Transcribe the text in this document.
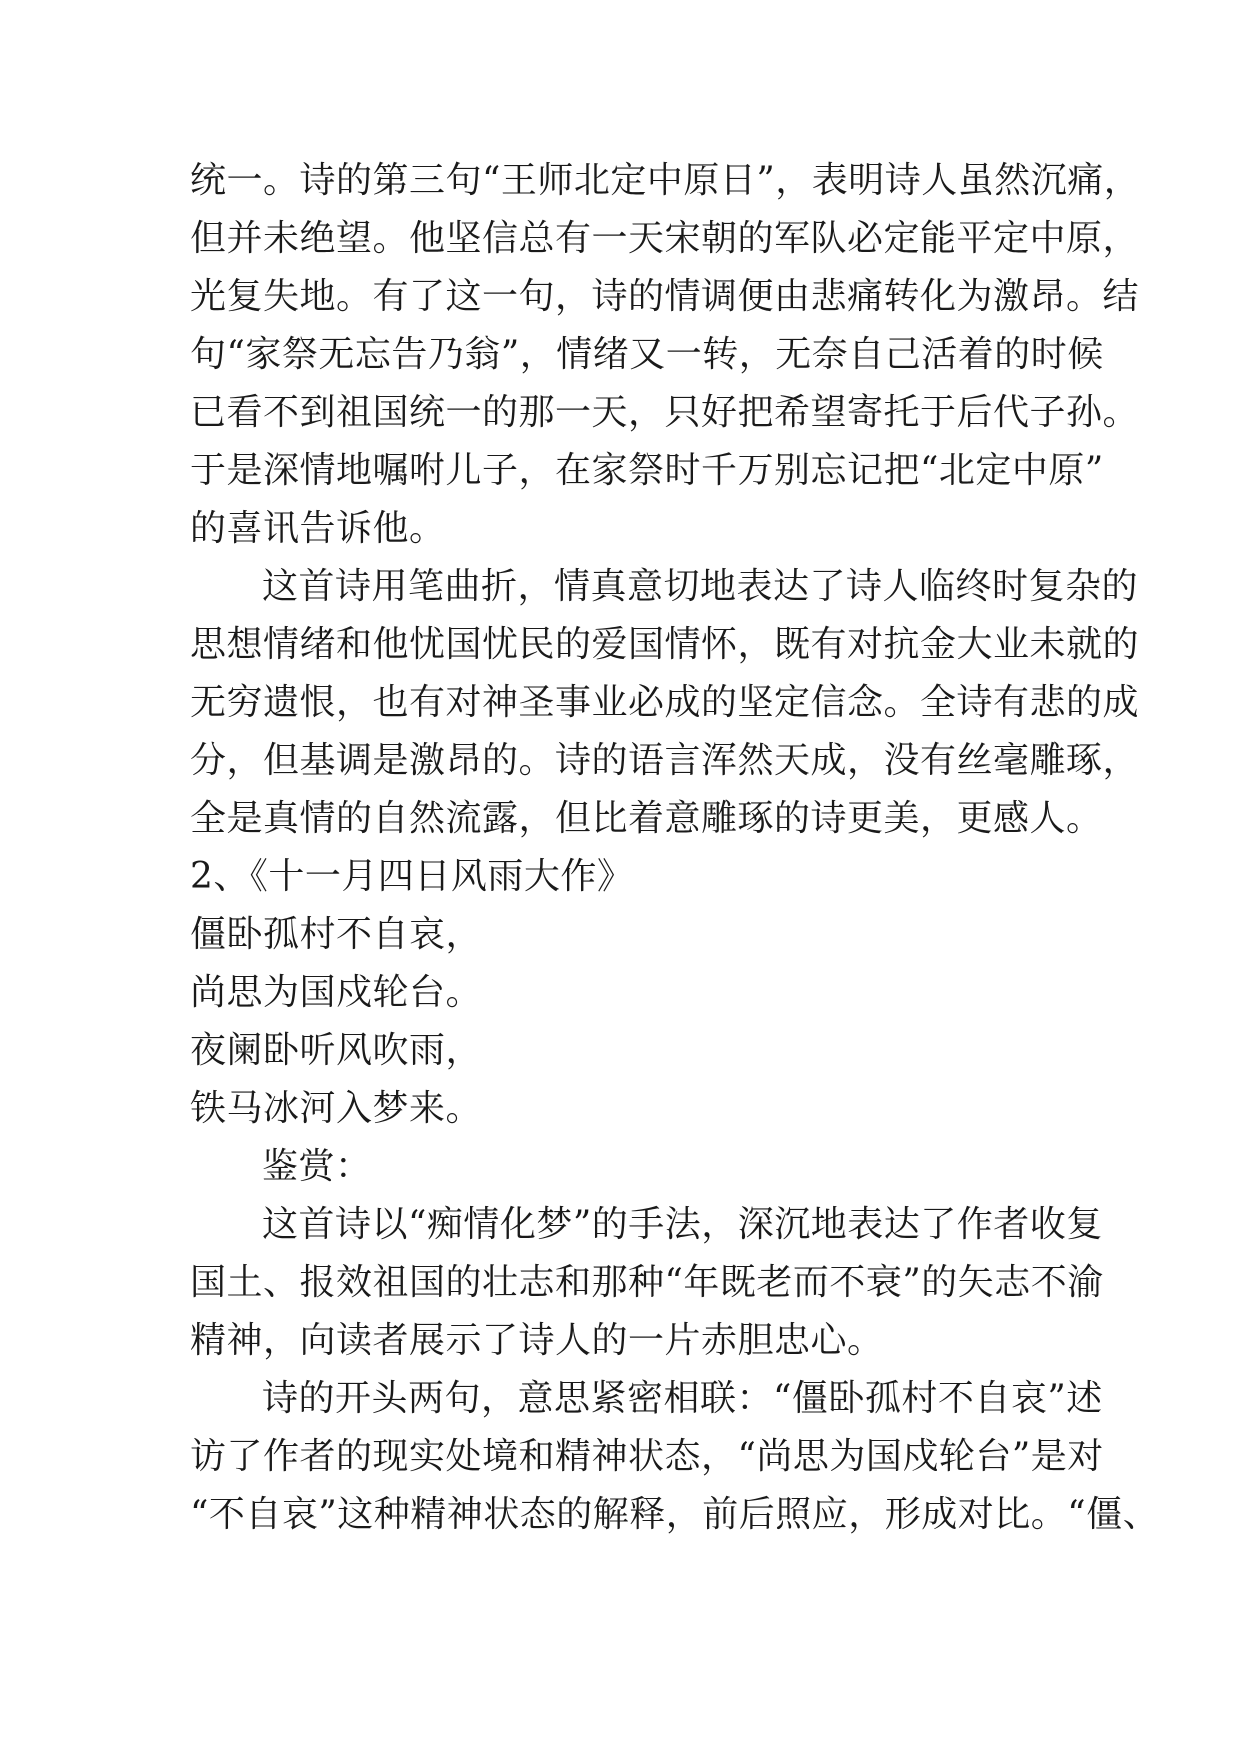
统一。诗的第三句“王师北定中原日”，表明诗人虽然沉痛，
但并未绝望。他坚信总有一天宋朝的军队必定能平定中原，
光复失地。有了这一句，诗的情调便由悲痛转化为激昂。结
句“家祭无忘告乃翁”，情绪又一转，无奈自己活着的时候
已看不到祖国统一的那一天，只好把希望寄托于后代子孙。
于是深情地嘱咐儿子，在家祭时千万别忘记把“北定中原”
的喜讯告诉他。
这首诗用笔曲折，情真意切地表达了诗人临终时复杂的
思想情绪和他忧国忧民的爱国情怀，既有对抗金大业未就的
无穷遗恨，也有对神圣事业必成的坚定信念。全诗有悲的成
分，但基调是激昂的。诗的语言浑然天成，没有丝毫雕琢，
全是真情的自然流露，但比着意雕琢的诗更美，更感人。
2、《十一月四日风雨大作》
僵卧孤村不自哀，
尚思为国戍轮台。
夜阑卧听风吹雨，
铁马冰河入梦来。
鉴赏：
这首诗以“痴情化梦”的手法，深沉地表达了作者收复
国土、报效祖国的壮志和那种“年既老而不衰”的矢志不渝
精神，向读者展示了诗人的一片赤胆忠心。
诗的开头两句，意思紧密相联：“僵卧孤村不自哀”述
访了作者的现实处境和精神状态，“尚思为国戍轮台”是对
“不自哀”这种精神状态的解释，前后照应，形成对比。“僵、
